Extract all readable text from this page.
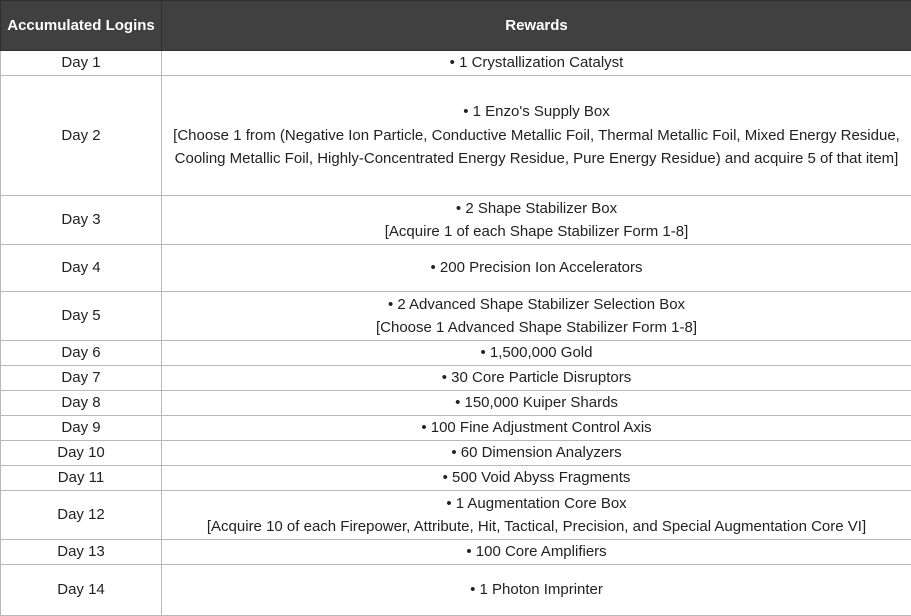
Accumulated Logins	Rewards
Day 1	• 1 Crystallization Catalyst

Day 2	• 1 Enzo's Supply Box
[Choose 1 from (Negative Ion Particle, Conductive Metallic Foil, Thermal Metallic Foil, Mixed Energy Residue,
Cooling Metallic Foil, Highly-Concentrated Energy Residue, Pure Energy Residue) and acquire 5 of that item]

Day 3	• 2 Shape Stabilizer Box
[Acquire 1 of each Shape Stabilizer Form 1-8]

Day 4	• 200 Precision Ion Accelerators

Day 5	• 2 Advanced Shape Stabilizer Selection Box
[Choose 1 Advanced Shape Stabilizer Form 1-8]

Day 6	• 1,500,000 Gold

Day 7	• 30 Core Particle Disruptors

Day 8	• 150,000 Kuiper Shards

Day 9	• 100 Fine Adjustment Control Axis

Day 10	• 60 Dimension Analyzers

Day 11	• 500 Void Abyss Fragments

Day 12	• 1 Augmentation Core Box
[Acquire 10 of each Firepower, Attribute, Hit, Tactical, Precision, and Special Augmentation Core VI]

Day 13	• 100 Core Amplifiers

Day 14	• 1 Photon Imprinter
